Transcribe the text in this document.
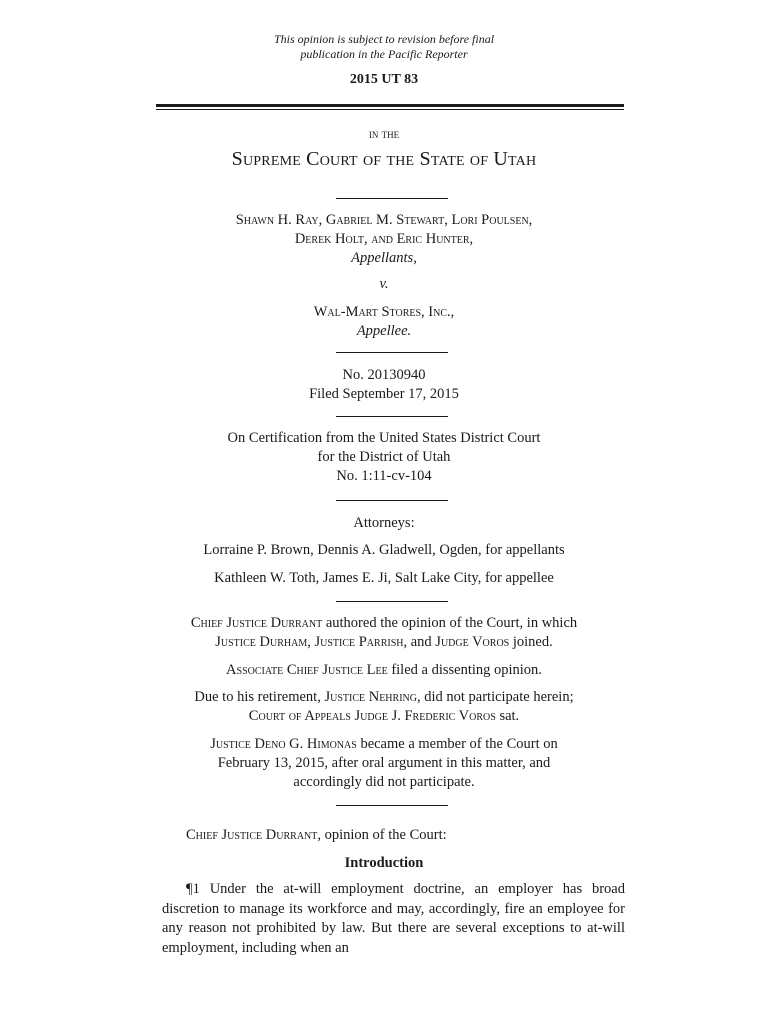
This opinion is subject to revision before final
publication in the Pacific Reporter
2015 UT 83
in the
Supreme Court of the State of Utah
Shawn H. Ray, Gabriel M. Stewart, Lori Poulsen,
Derek Holt, and Eric Hunter,
Appellants,
v.
Wal-Mart Stores, Inc.,
Appellee.
No. 20130940
Filed September 17, 2015
On Certification from the United States District Court
for the District of Utah
No. 1:11-cv-104
Attorneys:
Lorraine P. Brown, Dennis A. Gladwell, Ogden, for appellants
Kathleen W. Toth, James E. Ji, Salt Lake City, for appellee
Chief Justice Durrant authored the opinion of the Court, in which
Justice Durham, Justice Parrish, and Judge Voros joined.
Associate Chief Justice Lee filed a dissenting opinion.
Due to his retirement, Justice Nehring, did not participate herein;
Court of Appeals Judge J. Frederic Voros sat.
Justice Deno G. Himonas became a member of the Court on
February 13, 2015, after oral argument in this matter, and
accordingly did not participate.
Chief Justice Durrant, opinion of the Court:
Introduction
¶1 Under the at-will employment doctrine, an employer has broad discretion to manage its workforce and may, accordingly, fire an employee for any reason not prohibited by law. But there are several exceptions to at-will employment, including when an
